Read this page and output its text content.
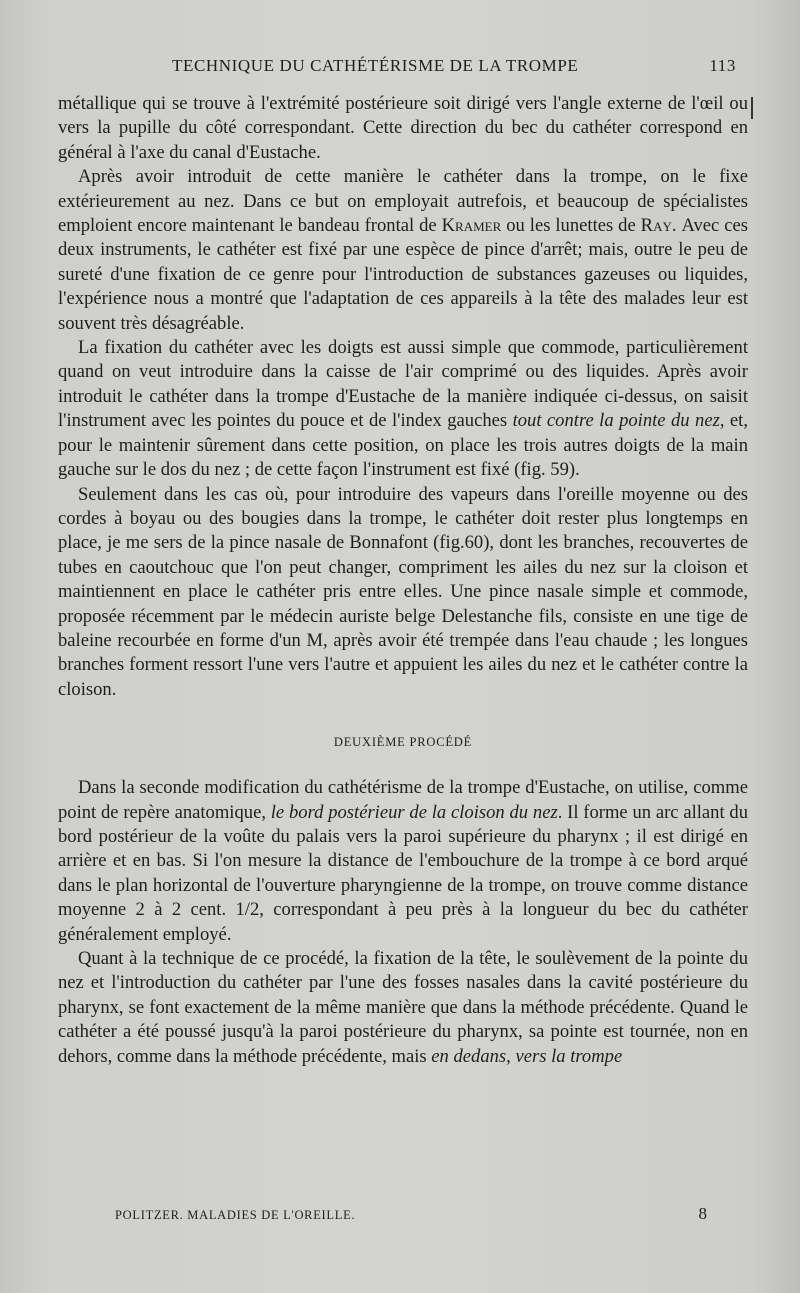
TECHNIQUE DU CATHÉTÉRISME DE LA TROMPE	113

métallique qui se trouve à l'extrémité postérieure soit dirigé vers l'angle externe de l'œil ou vers la pupille du côté correspondant. Cette direction du bec du cathéter correspond en général à l'axe du canal d'Eustache.

Après avoir introduit de cette manière le cathéter dans la trompe, on le fixe extérieurement au nez. Dans ce but on employait autrefois, et beaucoup de spécialistes emploient encore maintenant le bandeau frontal de Kramer ou les lunettes de Raυ. Avec ces deux instruments, le cathéter est fixé par une espèce de pince d'arrêt; mais, outre le peu de sureté d'une fixation de ce genre pour l'introduction de substances gazeuses ou liquides, l'expérience nous a montré que l'adaptation de ces appareils à la tête des malades leur est souvent très désagréable.

La fixation du cathéter avec les doigts est aussi simple que commode, particulièrement quand on veut introduire dans la caisse de l'air comprimé ou des liquides. Après avoir introduit le cathéter dans la trompe d'Eustache de la manière indiquée ci-dessus, on saisit l'instrument avec les pointes du pouce et de l'index gauches tout contre la pointe du nez, et, pour le maintenir sûrement dans cette position, on place les trois autres doigts de la main gauche sur le dos du nez ; de cette façon l'instrument est fixé (fig. 59).

Seulement dans les cas où, pour introduire des vapeurs dans l'oreille moyenne ou des cordes à boyau ou des bougies dans la trompe, le cathéter doit rester plus longtemps en place, je me sers de la pince nasale de Bonnafont (fig.60), dont les branches, recouvertes de tubes en caoutchouc que l'on peut changer, compriment les ailes du nez sur la cloison et maintiennent en place le cathéter pris entre elles. Une pince nasale simple et commode, proposée récemment par le médecin auriste belge Delestanche fils, consiste en une tige de baleine recourbée en forme d'un M, après avoir été trempée dans l'eau chaude ; les longues branches forment ressort l'une vers l'autre et appuient les ailes du nez et le cathéter contre la cloison.

DEUXIÈME PROCÉDÉ

Dans la seconde modification du cathétérisme de la trompe d'Eustache, on utilise, comme point de repère anatomique, le bord postérieur de la cloison du nez. Il forme un arc allant du bord postérieur de la voûte du palais vers la paroi supérieure du pharynx ; il est dirigé en arrière et en bas. Si l'on mesure la distance de l'embouchure de la trompe à ce bord arqué dans le plan horizontal de l'ouverture pharyngienne de la trompe, on trouve comme distance moyenne 2 à 2 cent. 1/2, correspondant à peu près à la longueur du bec du cathéter généralement employé.

Quant à la technique de ce procédé, la fixation de la tête, le soulèvement de la pointe du nez et l'introduction du cathéter par l'une des fosses nasales dans la cavité postérieure du pharynx, se font exactement de la même manière que dans la méthode précédente. Quand le cathéter a été poussé jusqu'à la paroi postérieure du pharynx, sa pointe est tournée, non en dehors, comme dans la méthode précédente, mais en dedans, vers la trompe

POLITZER. MALADIES DE L'OREILLE.	8
